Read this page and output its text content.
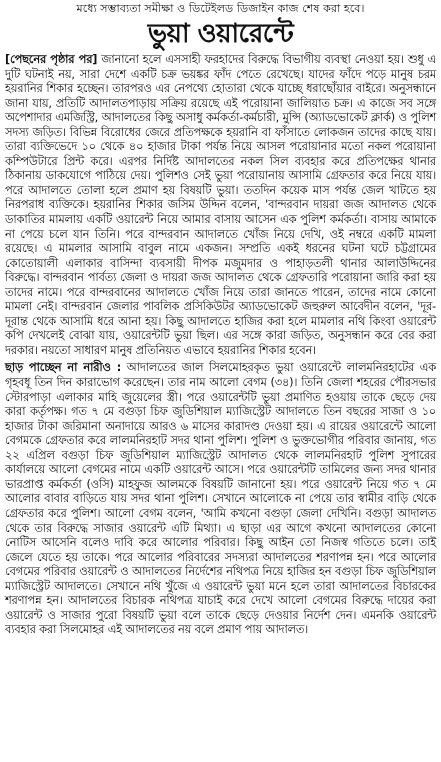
মধ্যে সম্ভাব্যতা সমীক্ষা ও ডিটেইলড ডিজাইন কাজ শেষ করা হবে।
ভুয়া ওয়ারেন্টে

[পেছনের পৃষ্ঠার পর] জানানো হলে এসসাহী ফরহাদের বিরুদ্ধে বিভাগীয় ব্যবস্থা নেওয়া হয়। শুধু এ দুটি ঘটনাই নয়, সারা দেশে একটি চক্র ভয়ঙ্কর ফাঁদ পেতে রেখেছে। যাদের ফাঁদে পড়ে মানুষ চরম হয়রানির শিকার হচ্ছেন। তারপরও এর নেপথ্যে হোতারা থেকে যাচ্ছে ধরাছোঁয়ার বাইরে। অনুসন্ধানে জানা যায়, প্রতিটি আদালতপাড়ায় সক্রিয় রয়েছে এই পরোয়ানা জালিয়াত চক্র। এ কাজে সব সঙ্গে অপেশাদার এমজিস্ট্রি, আদালতের কিছু অসাধু কর্মকর্তা-কর্মচারী, মুন্সি (অ্যাডভোকেট ক্লার্ক) ও পুলিশ সদস্য জড়িত। বিভিন্ন বিরোধের জেরে প্রতিপক্ষকে হয়রানি বা ফাঁসাতে লোকজন তাদের কাছে যায়। তারা ব্যক্তিভেদে ১০ থেকে ৪০ হাজার টাকা পর্যন্ত নিয়ে আসল পরোয়ানার মতো নকল পরোয়ানা কম্পিউটারে প্রিন্ট করে। এরপর নির্দিষ্ট আদালতের নকল সিল ব্যবহার করে প্রতিপক্ষের থানার ঠিকানায় ডাকযোগে পাঠিয়ে দেয়। পুলিশও সেই ভুয়া পরোয়ানায় আসামি গ্রেফতার করে নিয়ে যায়। পরে আদালতে তোলা হলে প্রমাণ হয় বিষয়টি ভুয়া। ততদিন কয়েক মাস পর্যন্ত জেল খাটতে হয় নিরপরাধ ব্যক্তিকে। হয়রানির শিকার জসিম উদ্দিন বলেন, 'বান্দরবান দায়রা জজ আদালত থেকে ডাকাতির মামলায় একটি ওয়ারেন্ট নিয়ে আমার বাসায় আসেন এক পুলিশ কর্মকর্তা। বাসায় আমাকে না পেয়ে চলে যান তিনি। পরে বান্দরবান আদালতে খোঁজ নিয়ে দেখি, ওই নম্বরে একটি মামলা রয়েছে। এ মামলার আসামি বাবুল নামে একজন। সম্প্রতি একই ধরনের ঘটনা ঘটে চট্টগ্রামের কোতোয়ালী এলাকার বাসিন্দা ব্যবসায়ী দীপক মজুমদার ও পাহাড়তলী থানার আলাউদ্দিনের বিরুদ্ধে। বান্দরবান পার্বত্য জেলা ও দায়রা জজ আদালত থেকে গ্রেফতারি পরোয়ানা জারি করা হয় তাদের নামে। পরে বান্দরবানের আদালতে খোঁজ নিয়ে তারা জানতে পারেন, তাদের নামে কোনো মামলা নেই। বান্দরবান জেলার পাবলিক প্রসিকিউটর অ্যাডভোকেট জহুরুল আবেদীন বলেন, 'দূর-দূরান্ত থেকে আসামি ধরে আনা হয়। কিছু আদালতে হাজির করা হলে মামলার নথি কিংবা ওয়ারেন্ট কপি দেখলেই বোঝা যায়, ওয়ারেন্টটি ভুয়া ছিল। এর সঙ্গে কারা জড়িত, অনুসন্ধান করে বের করা দরকার। নয়তো সাধারণ মানুষ প্রতিনিয়ত এভাবে হয়রানির শিকার হবেন।

ছাড় পাচ্ছেন না নারীও : আদালতের জাল সিলমোহরকৃত ভুয়া ওয়ারেন্টে লালমনিরহাটের এক গৃহবধূ তিন দিন কারাভোগ করেছেন। তার নাম আলো বেগম (৩৪)। তিনি জেলা শহরের পৌরসভার স্টোরপাড়া এলাকার মাহি জুয়েলের স্ত্রী। পরে ওয়ারেন্টটি ভুয়া প্রমাণিত হওয়ায় তাকে ছেড়ে দেয় কারা কর্তৃপক্ষ। গত ৭ মে বগুড়া চিফ জুডিশিয়াল ম্যাজিস্ট্রেট আদালতে তিন বছরের সাজা ও ১০ হাজার টাকা জরিমানা অনাদায়ে আরও ৬ মাসের কারাদণ্ড দেওয়া হয়। এ রায়ের ওয়ারেন্টে আলো বেগমকে গ্রেফতার করে লালমনিরহাট সদর থানা পুলিশ। পুলিশ ও ভুক্তভোগীর পরিবার জানায়, গত ২২ এপ্রিল বগুড়া চিফ জুডিশিয়াল ম্যাজিস্ট্রেট আদালত থেকে লালমনিরহাট পুলিশ সুপারের কার্যালয়ে আলো বেগমের নামে একটি ওয়ারেন্ট আসে। পরে ওয়ারেন্টটি তামিলের জন্য সদর থানার ভারপ্রাপ্ত কর্মকর্তা (ওসি) মাহফুজ আলমকে বিষয়টি জানানো হয়। পরে ওয়ারেন্ট নিয়ে গত ৭ মে আলোর বাবার বাড়িতে যায় সদর থানা পুলিশ। সেখানে আলোকে না পেয়ে তার স্বামীর বাড়ি থেকে গ্রেফতার করে পুলিশ। আলো বেগম বলেন, 'আমি কখনো বগুড়া জেলা দেখিনি। বগুড়া আদালত থেকে তার বিরুদ্ধে সাজার ওয়ারেন্ট এটি মিথ্যা। এ ছাড়া এর আগে কখনো আদালতের কোনো নোটিস আসেনি বলেও দাবি করে আলোর পরিবার। কিছু আইন তো নিজস্ব গতিতে চলে। তাই জেলে যেতে হয় তাকে। পরে আলোর পরিবারের সদস্যরা আদালতের শরণাপন্ন হন। পরে আলোর বেগমের পরিবার ওয়ারেন্ট ও আদালতের নির্দেশের নথিপত্র নিয়ে হাজির হন বগুড়া চিফ জুডিশিয়াল ম্যাজিস্ট্রেট আদালতে। সেখানে নথি খুঁজে এ ওয়ারেন্ট ভুয়া মনে হলে তারা আদালতের বিচারকের শরণাপন্ন হন। আদালতের বিচারক নথিপত্র যাচাই করে দেখে আলো বেগমের বিরুদ্ধে দায়ের করা ওয়ারেন্ট ও সাজার পুরো বিষয়টি ভুয়া বলে তাকে ছেড়ে দেওয়ার নির্দেশ দেন। এমনকি ওয়ারেন্ট ব্যবহার করা সিলমোহর এই আদালতের নয় বলে প্রমাণ পায় আদালত।
